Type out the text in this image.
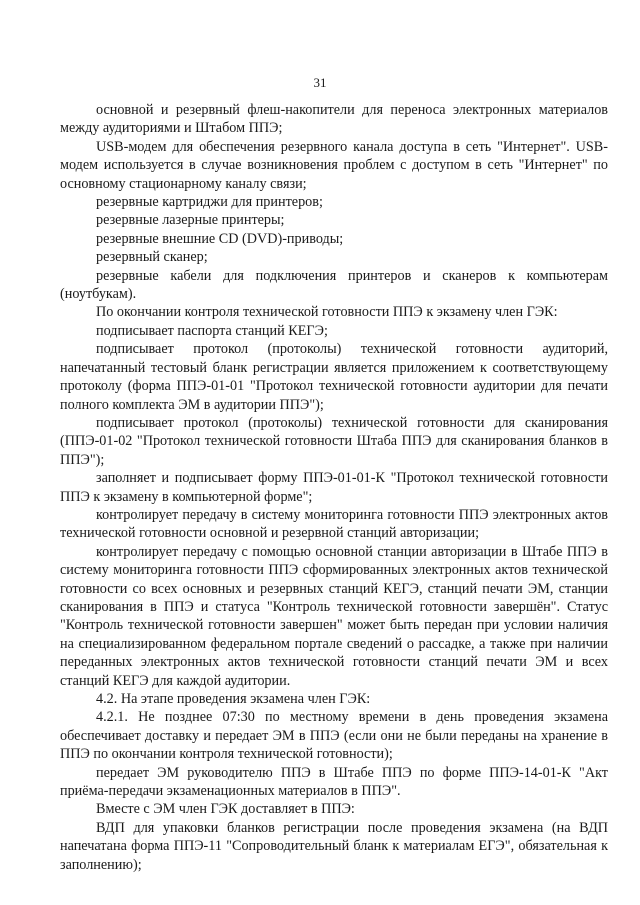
31

основной и резервный флеш-накопители для переноса электронных материалов между аудиториями и Штабом ППЭ;

USB-модем для обеспечения резервного канала доступа в сеть "Интернет". USB-модем используется в случае возникновения проблем с доступом в сеть "Интернет" по основному стационарному каналу связи;

резервные картриджи для принтеров;

резервные лазерные принтеры;

резервные внешние CD (DVD)-приводы;

резервный сканер;

резервные кабели для подключения принтеров и сканеров к компьютерам (ноутбукам).

По окончании контроля технической готовности ППЭ к экзамену член ГЭК:

подписывает паспорта станций КЕГЭ;

подписывает протокол (протоколы) технической готовности аудиторий, напечатанный тестовый бланк регистрации является приложением к соответствующему протоколу (форма ППЭ-01-01 "Протокол технической готовности аудитории для печати полного комплекта ЭМ в аудитории ППЭ");

подписывает протокол (протоколы) технической готовности для сканирования (ППЭ-01-02 "Протокол технической готовности Штаба ППЭ для сканирования бланков в ППЭ");

заполняет и подписывает форму ППЭ-01-01-К "Протокол технической готовности ППЭ к экзамену в компьютерной форме";

контролирует передачу в систему мониторинга готовности ППЭ электронных актов технической готовности основной и резервной станций авторизации;

контролирует передачу с помощью основной станции авторизации в Штабе ППЭ в систему мониторинга готовности ППЭ сформированных электронных актов технической готовности со всех основных и резервных станций КЕГЭ, станций печати ЭМ, станции сканирования в ППЭ и статуса "Контроль технической готовности завершён". Статус "Контроль технической готовности завершен" может быть передан при условии наличия на специализированном федеральном портале сведений о рассадке, а также при наличии переданных электронных актов технической готовности станций печати ЭМ и всех станций КЕГЭ для каждой аудитории.

4.2. На этапе проведения экзамена член ГЭК:

4.2.1. Не позднее 07:30 по местному времени в день проведения экзамена обеспечивает доставку и передает ЭМ в ППЭ (если они не были переданы на хранение в ППЭ по окончании контроля технической готовности);

передает ЭМ руководителю ППЭ в Штабе ППЭ по форме ППЭ-14-01-К "Акт приёма-передачи экзаменационных материалов в ППЭ".

Вместе с ЭМ член ГЭК доставляет в ППЭ:

ВДП для упаковки бланков регистрации после проведения экзамена (на ВДП напечатана форма ППЭ-11 "Сопроводительный бланк к материалам ЕГЭ", обязательная к заполнению);
